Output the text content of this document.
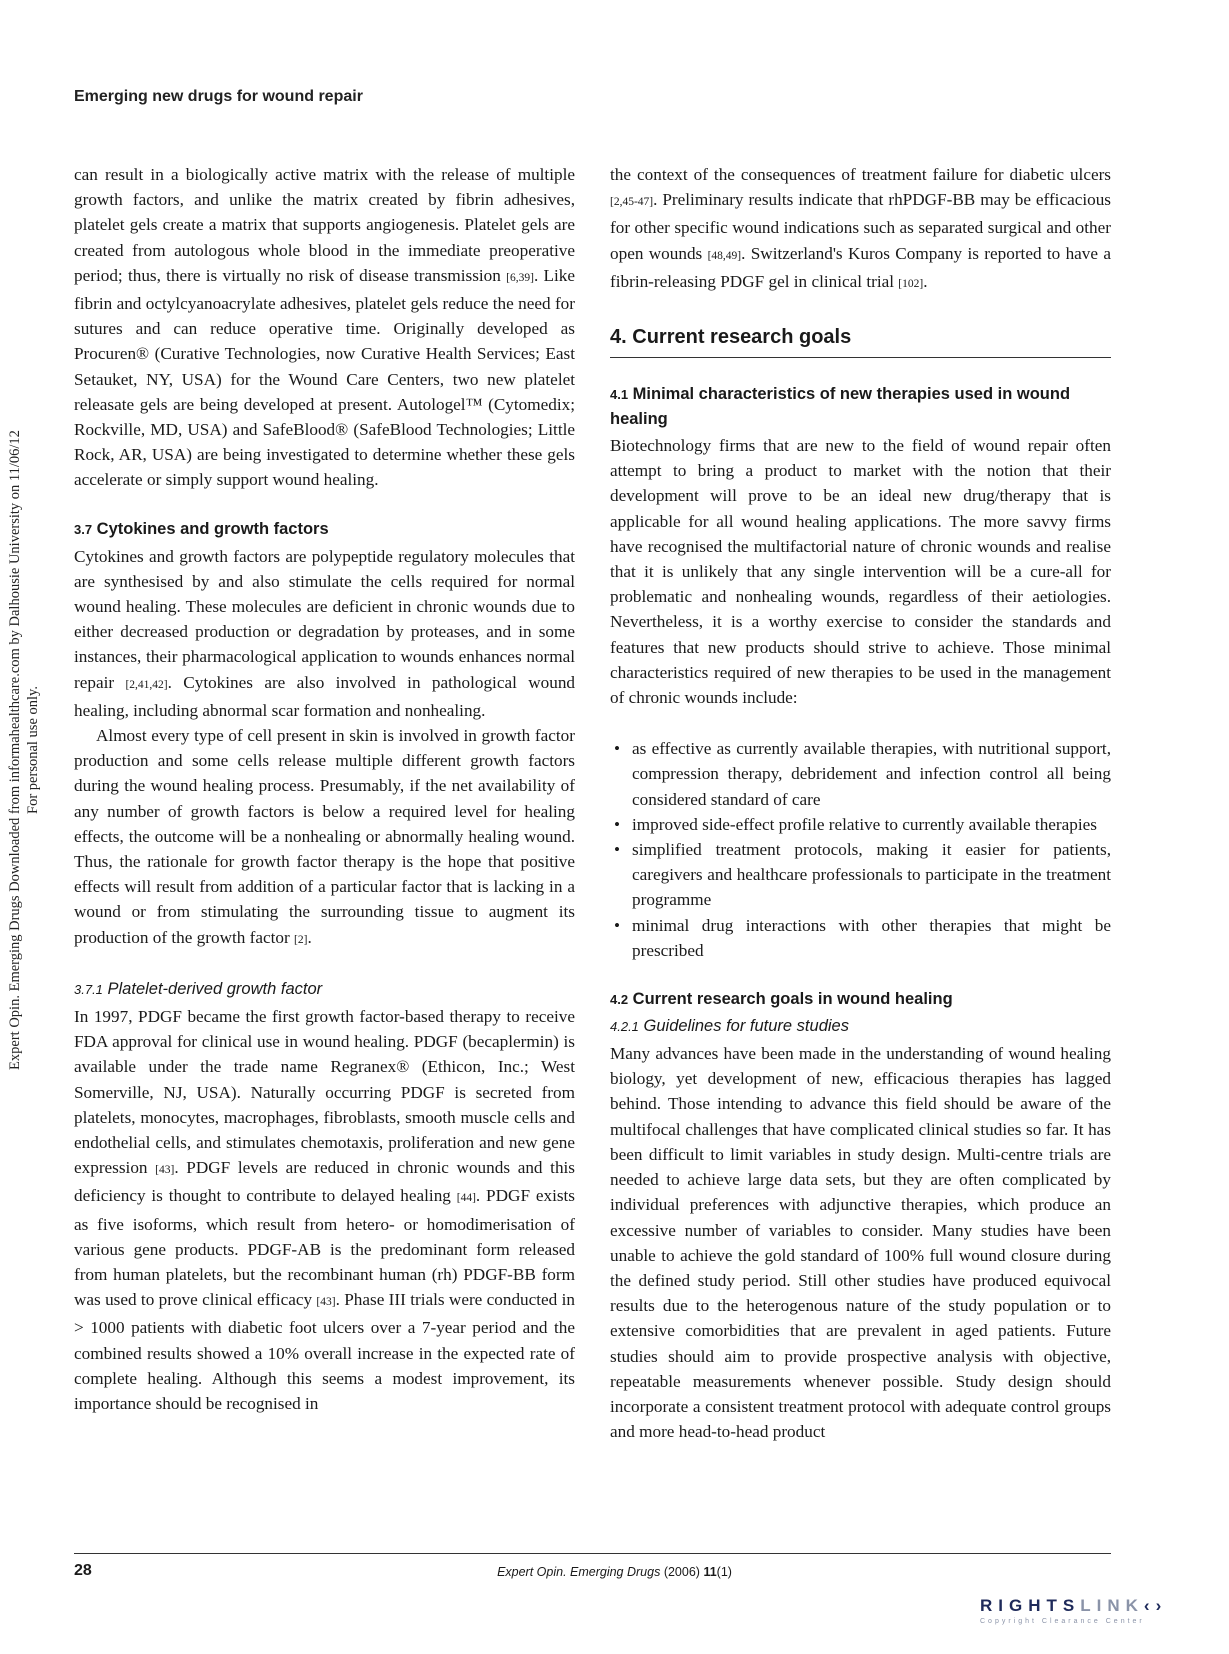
Emerging new drugs for wound repair
Expert Opin. Emerging Drugs Downloaded from informahealthcare.com by Dalhousie University on 11/06/12 For personal use only.

can result in a biologically active matrix with the release of multiple growth factors, and unlike the matrix created by fibrin adhesives, platelet gels create a matrix that supports angiogenesis. Platelet gels are created from autologous whole blood in the immediate preoperative period; thus, there is virtually no risk of disease transmission [6,39]. Like fibrin and octylcyanoacrylate adhesives, platelet gels reduce the need for sutures and can reduce operative time. Originally developed as Procuren® (Curative Technologies, now Curative Health Services; East Setauket, NY, USA) for the Wound Care Centers, two new platelet releasate gels are being developed at present. Autologel™ (Cytomedix; Rockville, MD, USA) and SafeBlood® (SafeBlood Technologies; Little Rock, AR, USA) are being investigated to determine whether these gels accelerate or simply support wound healing.

3.7 Cytokines and growth factors

Cytokines and growth factors are polypeptide regulatory molecules that are synthesised by and also stimulate the cells required for normal wound healing. These molecules are deficient in chronic wounds due to either decreased production or degradation by proteases, and in some instances, their pharmacological application to wounds enhances normal repair [2,41,42]. Cytokines are also involved in pathological wound healing, including abnormal scar formation and nonhealing.

Almost every type of cell present in skin is involved in growth factor production and some cells release multiple different growth factors during the wound healing process. Presumably, if the net availability of any number of growth factors is below a required level for healing effects, the outcome will be a nonhealing or abnormally healing wound. Thus, the rationale for growth factor therapy is the hope that positive effects will result from addition of a particular factor that is lacking in a wound or from stimulating the surrounding tissue to augment its production of the growth factor [2].

3.7.1 Platelet-derived growth factor

In 1997, PDGF became the first growth factor-based therapy to receive FDA approval for clinical use in wound healing. PDGF (becaplermin) is available under the trade name Regranex® (Ethicon, Inc.; West Somerville, NJ, USA). Naturally occurring PDGF is secreted from platelets, monocytes, macrophages, fibroblasts, smooth muscle cells and endothelial cells, and stimulates chemotaxis, proliferation and new gene expression [43]. PDGF levels are reduced in chronic wounds and this deficiency is thought to contribute to delayed healing [44]. PDGF exists as five isoforms, which result from hetero- or homodimerisation of various gene products. PDGF-AB is the predominant form released from human platelets, but the recombinant human (rh) PDGF-BB form was used to prove clinical efficacy [43]. Phase III trials were conducted in > 1000 patients with diabetic foot ulcers over a 7-year period and the combined results showed a 10% overall increase in the expected rate of complete healing. Although this seems a modest improvement, its importance should be recognised in

the context of the consequences of treatment failure for diabetic ulcers [2,45-47]. Preliminary results indicate that rhPDGF-BB may be efficacious for other specific wound indications such as separated surgical and other open wounds [48,49]. Switzerland's Kuros Company is reported to have a fibrin-releasing PDGF gel in clinical trial [102].

4. Current research goals
4.1 Minimal characteristics of new therapies used in wound healing

Biotechnology firms that are new to the field of wound repair often attempt to bring a product to market with the notion that their development will prove to be an ideal new drug/therapy that is applicable for all wound healing applications. The more savvy firms have recognised the multifactorial nature of chronic wounds and realise that it is unlikely that any single intervention will be a cure-all for problematic and nonhealing wounds, regardless of their aetiologies. Nevertheless, it is a worthy exercise to consider the standards and features that new products should strive to achieve. Those minimal characteristics required of new therapies to be used in the management of chronic wounds include:

• as effective as currently available therapies, with nutritional support, compression therapy, debridement and infection control all being considered standard of care
• improved side-effect profile relative to currently available therapies
• simplified treatment protocols, making it easier for patients, caregivers and healthcare professionals to participate in the treatment programme
• minimal drug interactions with other therapies that might be prescribed
4.2 Current research goals in wound healing
4.2.1 Guidelines for future studies

Many advances have been made in the understanding of wound healing biology, yet development of new, efficacious therapies has lagged behind. Those intending to advance this field should be aware of the multifocal challenges that have complicated clinical studies so far. It has been difficult to limit variables in study design. Multi-centre trials are needed to achieve large data sets, but they are often complicated by individual preferences with adjunctive therapies, which produce an excessive number of variables to consider. Many studies have been unable to achieve the gold standard of 100% full wound closure during the defined study period. Still other studies have produced equivocal results due to the heterogenous nature of the study population or to extensive comorbidities that are prevalent in aged patients. Future studies should aim to provide prospective analysis with objective, repeatable measurements whenever possible. Study design should incorporate a consistent treatment protocol with adequate control groups and more head-to-head product

28	Expert Opin. Emerging Drugs (2006) 11(1)
RIGHTSLINK‹›
Copyright Clearance Center
